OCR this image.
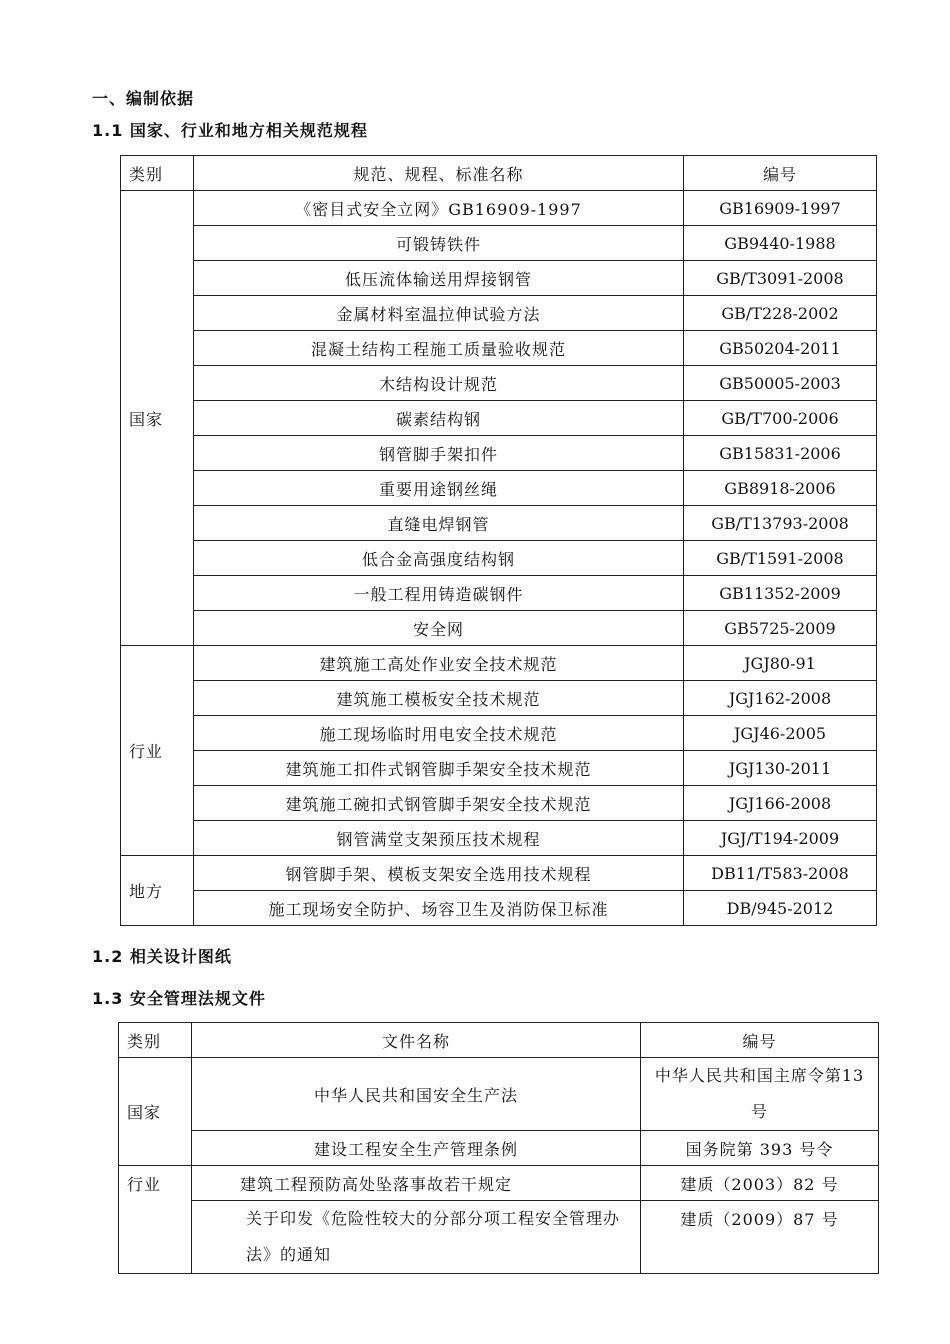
一、编制依据
1.1 国家、行业和地方相关规范规程
类别	规范、规程、标准名称	编号
国家	《密目式安全立网》GB16909-1997	GB16909-1997
	可锻铸铁件	GB9440-1988
	低压流体输送用焊接钢管	GB/T3091-2008
	金属材料室温拉伸试验方法	GB/T228-2002
	混凝土结构工程施工质量验收规范	GB50204-2011
	木结构设计规范	GB50005-2003
	碳素结构钢	GB/T700-2006
	钢管脚手架扣件	GB15831-2006
	重要用途钢丝绳	GB8918-2006
	直缝电焊钢管	GB/T13793-2008
	低合金高强度结构钢	GB/T1591-2008
	一般工程用铸造碳钢件	GB11352-2009
	安全网	GB5725-2009
行业	建筑施工高处作业安全技术规范	JGJ80-91
	建筑施工模板安全技术规范	JGJ162-2008
	施工现场临时用电安全技术规范	JGJ46-2005
	建筑施工扣件式钢管脚手架安全技术规范	JGJ130-2011
	建筑施工碗扣式钢管脚手架安全技术规范	JGJ166-2008
	钢管满堂支架预压技术规程	JGJ/T194-2009
地方	钢管脚手架、模板支架安全选用技术规程	DB11/T583-2008
	施工现场安全防护、场容卫生及消防保卫标准	DB/945-2012
1.2 相关设计图纸
1.3 安全管理法规文件
类别	文件名称	编号
国家	中华人民共和国安全生产法	中华人民共和国主席令第13号
	建设工程安全生产管理条例	国务院第 393 号令
行业	建筑工程预防高处坠落事故若干规定	建质（2003）82 号
	关于印发《危险性较大的分部分项工程安全管理办法》的通知	建质（2009）87 号
